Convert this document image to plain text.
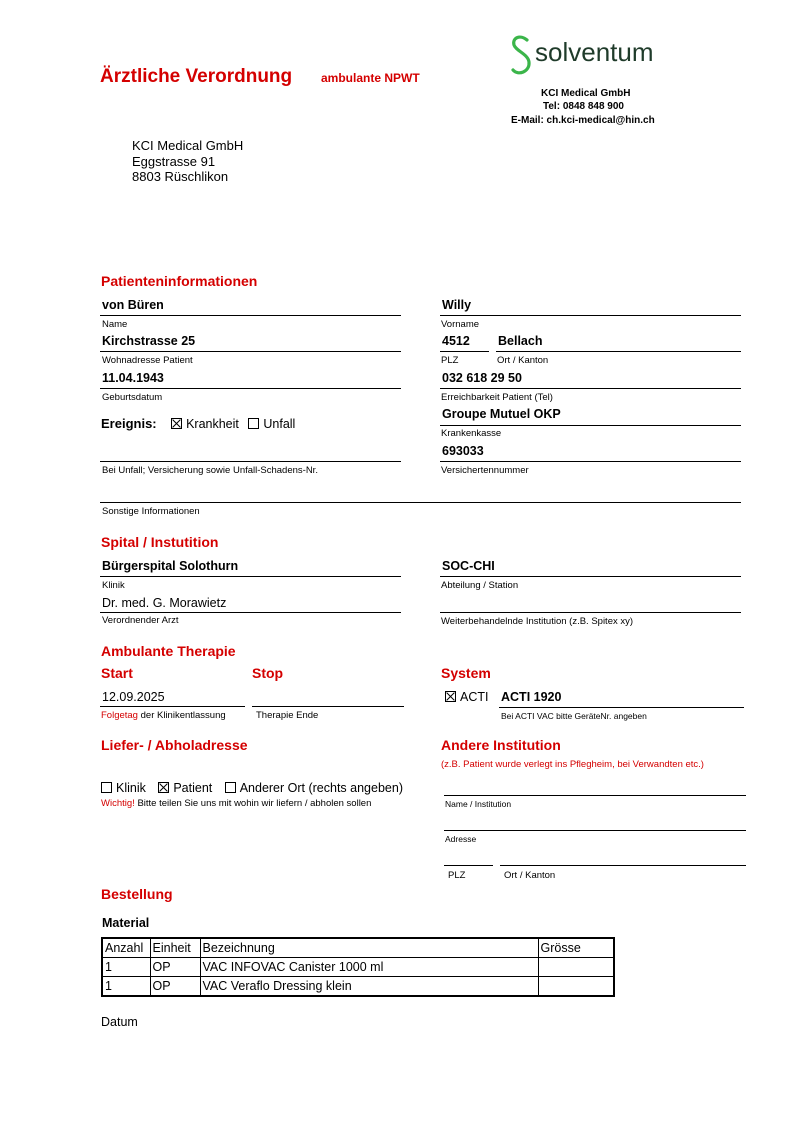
Ärztliche Verordnung ambulante NPWT
solventum
KCI Medical GmbH
Tel: 0848 848 900
E-Mail: ch.kci-medical@hin.ch
KCI Medical GmbH
Eggstrasse 91
8803 Rüschlikon
Patienteninformationen
von Büren
Name
Willy
Vorname
Kirchstrasse 25
Wohnadresse Patient
4512
PLZ
Bellach
Ort / Kanton
11.04.1943
Geburtsdatum
032 618 29 50
Erreichbarkeit Patient (Tel)
Ereignis: Krankheit Unfall
Groupe Mutuel OKP
Krankenkasse
Bei Unfall; Versicherung sowie Unfall-Schadens-Nr.
693033
Versichertennummer
Sonstige Informationen
Spital / Instutition
Bürgerspital Solothurn
Klinik
SOC-CHI
Abteilung / Station
Dr. med. G. Morawietz
Verordnender Arzt	Weiterbehandelnde Institution (z.B. Spitex xy)
Ambulante Therapie
Start	Stop
12.09.2025
Folgetag der Klinikentlassung	Therapie Ende
System
ACTI ACTI 1920
Bei ACTI VAC bitte GeräteNr. angeben
Liefer- / Abholadresse
Klinik Patient Anderer Ort (rechts angeben)
Wichtig! Bitte teilen Sie uns mit wohin wir liefern / abholen sollen
Andere Institution
(z.B. Patient wurde verlegt ins Pflegheim, bei Verwandten etc.)
Name / Institution
Adresse
PLZ	Ort / Kanton
Bestellung
Material
Anzahl	Einheit	Bezeichnung	Grösse
1	OP	VAC INFOVAC Canister 1000 ml	
1	OP	VAC Veraflo Dressing klein	
Datum
